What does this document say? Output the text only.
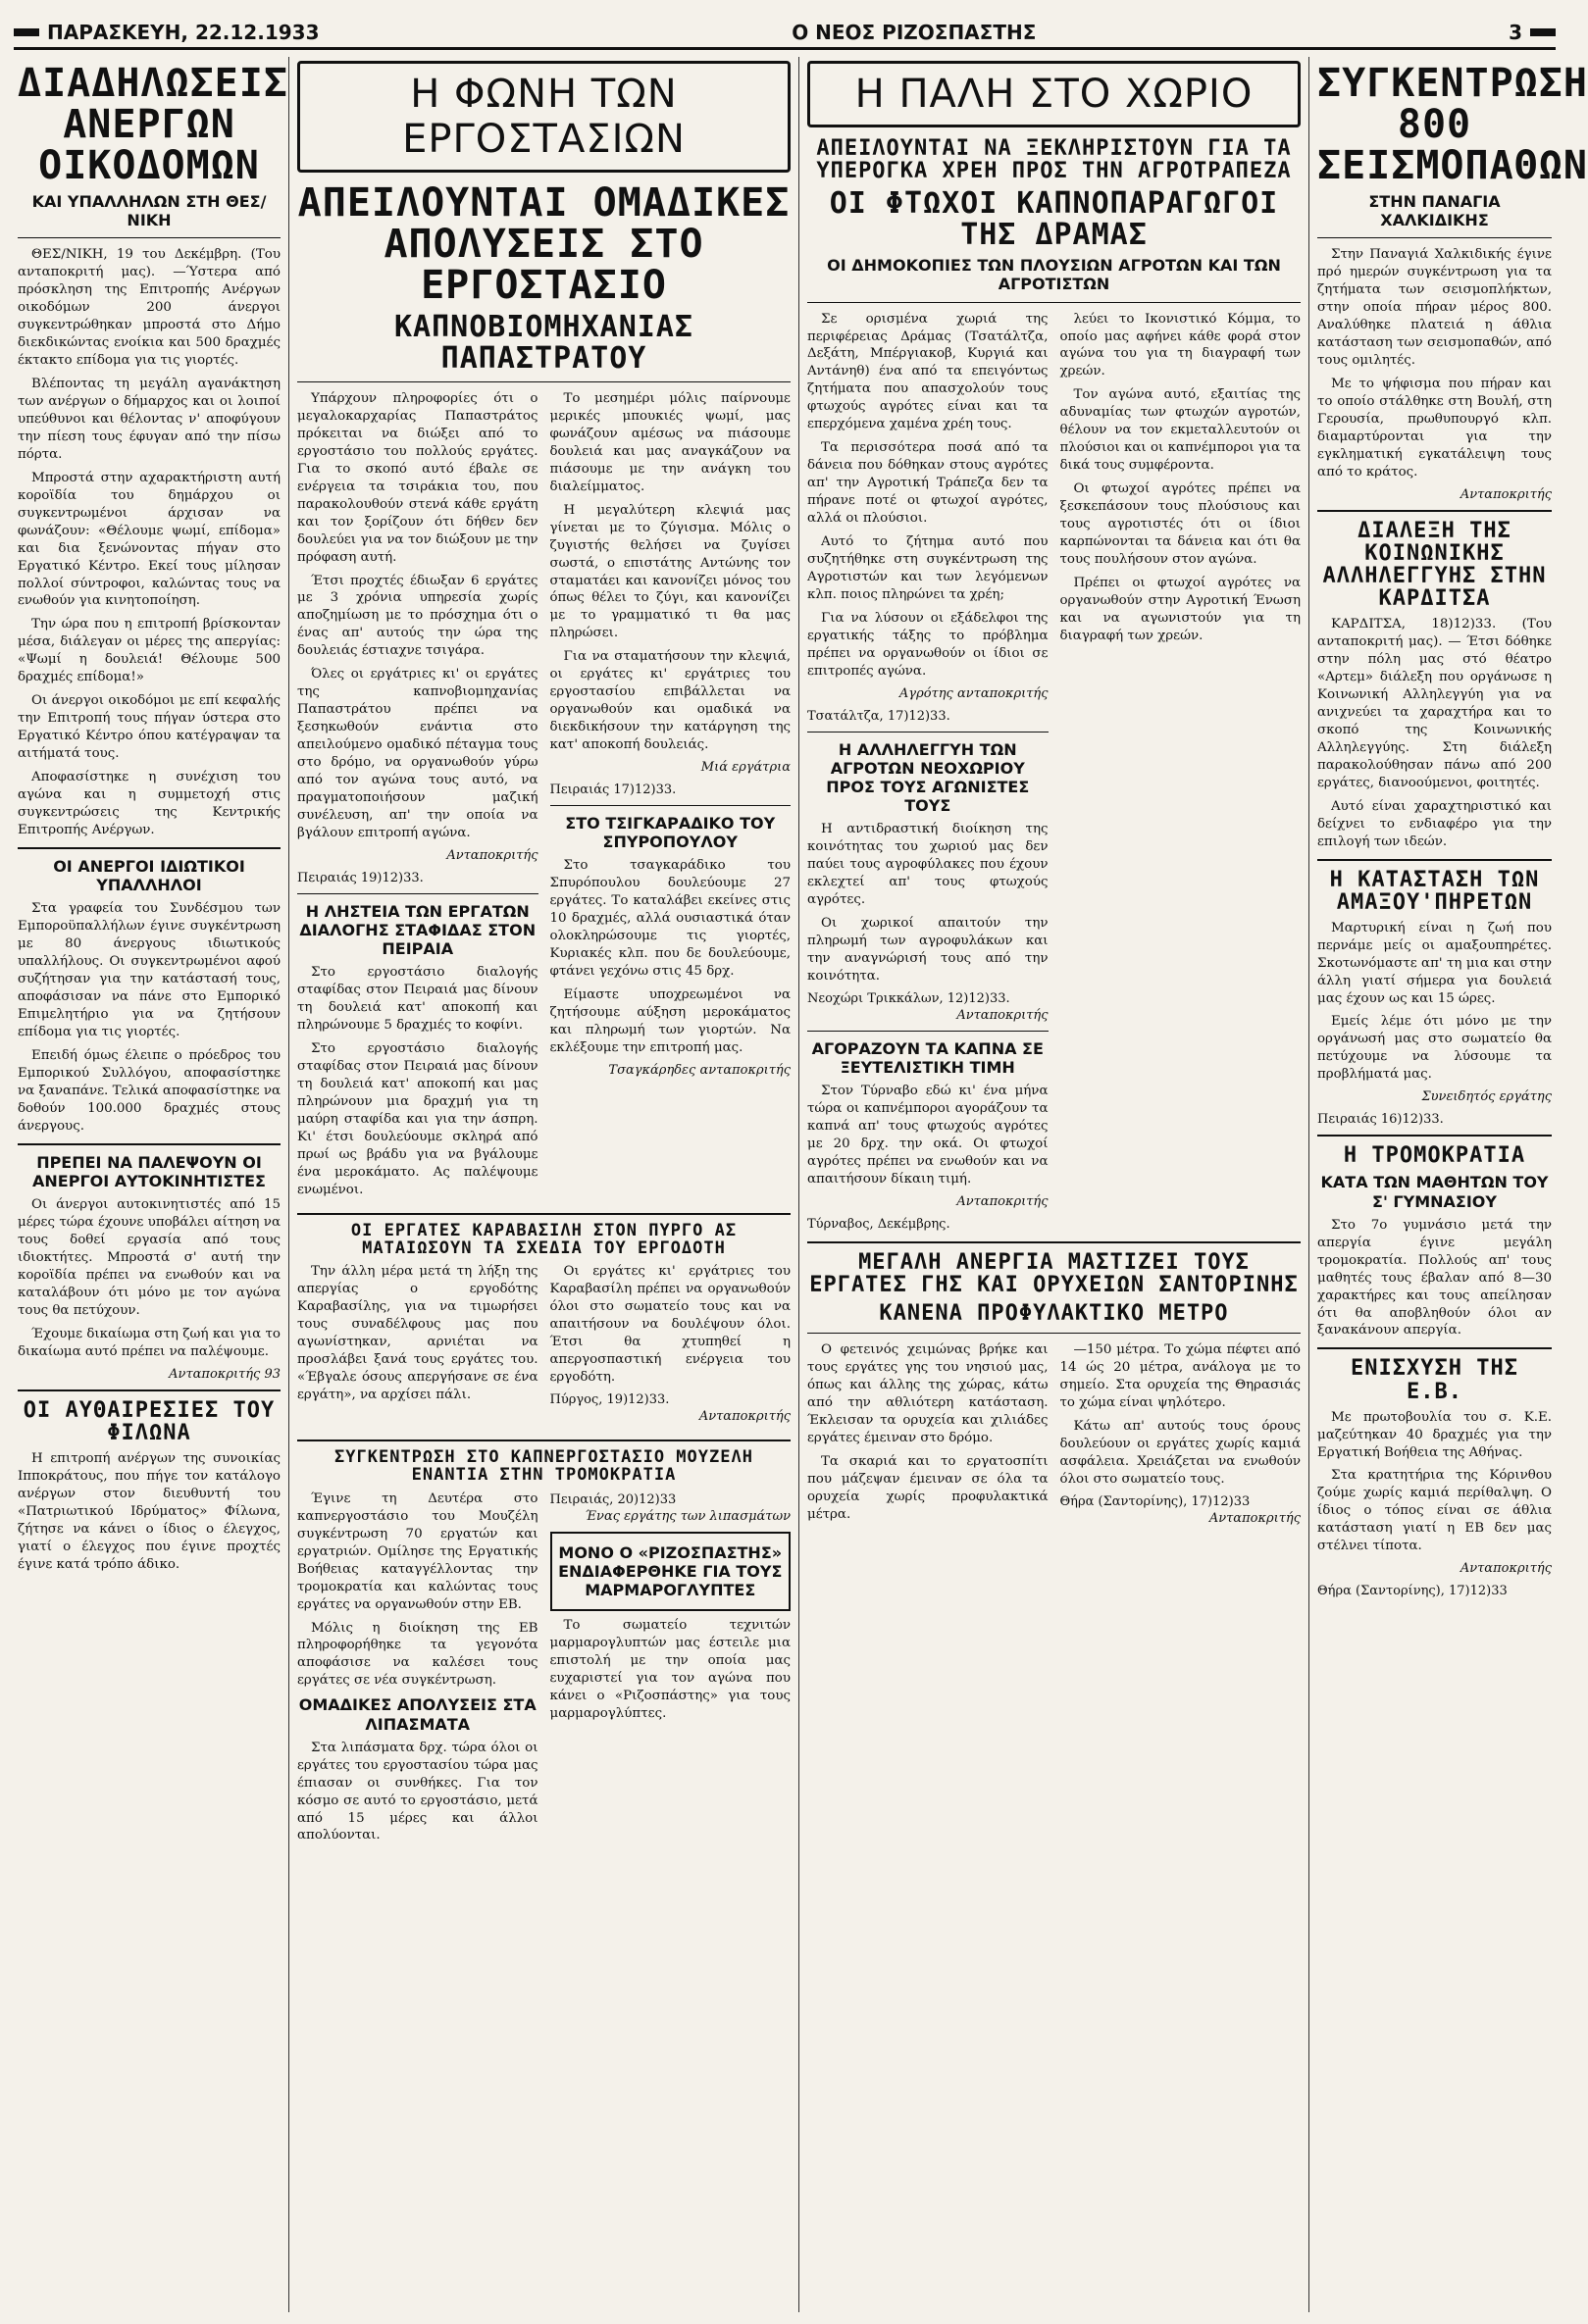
ΠΑΡΑΣΚΕΥΗ, 22.12.1933	Ο ΝΕΟΣ ΡΙΖΟΣΠΑΣΤΗΣ	3
ΔΙΑΔΗΛΩΣΕΙΣ ΑΝΕΡΓΩΝ ΟΙΚΟΔΟΜΩΝ
ΚΑΙ ΥΠΑΛΛΗΛΩΝ ΣΤΗ ΘΕΣ/ΝΙΚΗ

ΘΕΣ/ΝΙΚΗ, 19 του Δεκέμβρη. (Του ανταποκριτή μας). —Ύστερα από πρόσκληση της Επιτροπής Ανέργων οικοδόμων 200 άνεργοι συγκεντρώθηκαν μπροστά στο Δήμο διεκδικώντας ενοίκια και 500 δραχμές έκτακτο επίδομα για τις γιορτές.

Βλέποντας τη μεγάλη αγανάκτηση των ανέργων ο δήμαρχος και οι λοιποί υπεύθυνοι και θέλοντας ν' αποφύγουν την πίεση τους έφυγαν από την πίσω πόρτα.

Μπροστά στην αχαρακτήριστη αυτή κοροϊδία του δημάρχου οι συγκεντρωμένοι άρχισαν να φωνάζουν: «Θέλουμε ψωμί, επίδομα» και δια ξενώνοντας πήγαν στο Εργατικό Κέντρο. Εκεί τους μίλησαν πολλοί σύντροφοι, καλώντας τους να ενωθούν για κινητοποίηση.

Την ώρα που η επιτροπή βρίσκονταν μέσα, διάλεγαν οι μέρες της απεργίας: «Ψωμί η δουλειά! Θέλουμε 500 δραχμές επίδομα!»

Οι άνεργοι οικοδόμοι με επί κεφαλής την Επιτροπή τους πήγαν ύστερα στο Εργατικό Κέντρο όπου κατέγραψαν τα αιτήματά τους.

Αποφασίστηκε η συνέχιση του αγώνα και η συμμετοχή στις συγκεντρώσεις της Κεντρικής Επιτροπής Ανέργων.

ΟΙ ΑΝΕΡΓΟΙ ΙΔΙΩΤΙΚΟΙ ΥΠΑΛΛΗΛΟΙ

Στα γραφεία του Συνδέσμου των Εμποροϋπαλλήλων έγινε συγκέντρωση με 80 άνεργους ιδιωτικούς υπαλλήλους. Οι συγκεντρωμένοι αφού συζήτησαν για την κατάστασή τους, αποφάσισαν να πάνε στο Εμπορικό Επιμελητήριο για να ζητήσουν επίδομα για τις γιορτές.

Επειδή όμως έλειπε ο πρόεδρος του Εμπορικού Συλλόγου, αποφασίστηκε να ξαναπάνε. Τελικά αποφασίστηκε να δοθούν 100.000 δραχμές στους άνεργους.

ΠΡΕΠΕΙ ΝΑ ΠΑΛΕΨΟΥΝ ΟΙ ΑΝΕΡΓΟΙ ΑΥΤΟΚΙΝΗΤΙΣΤΕΣ

Οι άνεργοι αυτοκινητιστές από 15 μέρες τώρα έχουνε υποβάλει αίτηση να τους δοθεί εργασία από τους ιδιοκτήτες. Μπροστά σ' αυτή την κοροϊδία πρέπει να ενωθούν και να καταλάβουν ότι μόνο με τον αγώνα τους θα πετύχουν.

Έχουμε δικαίωμα στη ζωή και για το δικαίωμα αυτό πρέπει να παλέψουμε.

Ανταποκριτής 93
ΟΙ ΑΥΘΑΙΡΕΣΙΕΣ ΤΟΥ ΦΙΛΩΝΑ

Η επιτροπή ανέργων της συνοικίας Ιπποκράτους, που πήγε τον κατάλογο ανέργων στον διευθυντή του «Πατριωτικού Ιδρύματος» Φίλωνα, ζήτησε να κάνει ο ίδιος ο έλεγχος, γιατί ο έλεγχος που έγινε προχτές έγινε κατά τρόπο άδικο.

Η ΦΩΝΗ ΤΩΝ ΕΡΓΟΣΤΑΣΙΩΝ
ΑΠΕΙΛΟΥΝΤΑΙ ΟΜΑΔΙΚΕΣ ΑΠΟΛΥΣΕΙΣ ΣΤΟ ΕΡΓΟΣΤΑΣΙΟ
ΚΑΠΝΟΒΙΟΜΗΧΑΝΙΑΣ ΠΑΠΑΣΤΡΑΤΟΥ

Υπάρχουν πληροφορίες ότι ο μεγαλοκαρχαρίας Παπαστράτος πρόκειται να διώξει από το εργοστάσιο του πολλούς εργάτες. Για το σκοπό αυτό έβαλε σε ενέργεια τα τσιράκια του, που παρακολουθούν στενά κάθε εργάτη και τον ξορίζουν ότι δήθεν δεν δουλεύει για να τον διώξουν με την πρόφαση αυτή.

Έτσι προχτές έδιωξαν 6 εργάτες με 3 χρόνια υπηρεσία χωρίς αποζημίωση με το πρόσχημα ότι ο ένας απ' αυτούς την ώρα της δουλειάς έστιαχνε τσιγάρα.

Όλες οι εργάτριες κι' οι εργάτες της καπνοβιομηχανίας Παπαστράτου πρέπει να ξεσηκωθούν ενάντια στο απειλούμενο ομαδικό πέταγμα τους στο δρόμο, να οργανωθούν γύρω από τον αγώνα τους αυτό, να πραγματοποιήσουν μαζική συνέλευση, απ' την οποία να βγάλουν επιτροπή αγώνα.

Ανταποκριτής
Πειραιάς 19)12)33.
Η ΛΗΣΤΕΙΑ ΤΩΝ ΕΡΓΑΤΩΝ ΔΙΑΛΟΓΗΣ ΣΤΑΦΙΔΑΣ ΣΤΟΝ ΠΕΙΡΑΙΑ

Στο εργοστάσιο διαλογής σταφίδας στον Πειραιά μας δίνουν τη δουλειά κατ' αποκοπή και πληρώνουμε 5 δραχμές το κοφίνι.

Στο εργοστάσιο διαλογής σταφίδας στον Πειραιά μας δίνουν τη δουλειά κατ' αποκοπή και μας πληρώνουν μια δραχμή για τη μαύρη σταφίδα και για την άσπρη. Κι' έτσι δουλεύουμε σκληρά από πρωί ως βράδυ για να βγάλουμε ένα μεροκάματο. Ας παλέψουμε ενωμένοι.

Το μεσημέρι μόλις παίρνουμε μερικές μπουκιές ψωμί, μας φωνάζουν αμέσως να πιάσουμε δουλειά και μας αναγκάζουν να πιάσουμε με την ανάγκη του διαλείμματος.

Η μεγαλύτερη κλεψιά μας γίνεται με το ζύγισμα. Μόλις ο ζυγιστής θελήσει να ζυγίσει σωστά, ο επιστάτης Αντώνης τον σταματάει και κανονίζει μόνος του όπως θέλει το ζύγι, και κανονίζει με το γραμματικό τι θα μας πληρώσει.

Για να σταματήσουν την κλεψιά, οι εργάτες κι' εργάτριες του εργοστασίου επιβάλλεται να οργανωθούν και ομαδικά να διεκδικήσουν την κατάργηση της κατ' αποκοπή δουλειάς.

Μιά εργάτρια
Πειραιάς 17)12)33.
ΣΤΟ ΤΣΙΓΚΑΡΑΔΙΚΟ ΤΟΥ ΣΠΥΡΟΠΟΥΛΟΥ

Στο τσαγκαράδικο του Σπυρόπουλου δουλεύουμε 27 εργάτες. Το καταλάβει εκείνες στις 10 δραχμές, αλλά ουσιαστικά όταν ολοκληρώσουμε τις γιορτές, Κυριακές κλπ. που δε δουλεύουμε, φτάνει γεχόνω στις 45 δρχ.

Είμαστε υποχρεωμένοι να ζητήσουμε αύξηση μεροκάματος και πληρωμή των γιορτών. Να εκλέξουμε την επιτροπή μας.

Τσαγκάρηδες ανταποκριτής
ΟΙ ΕΡΓΑΤΕΣ ΚΑΡΑΒΑΣΙΛΗ ΣΤΟΝ ΠΥΡΓΟ ΑΣ ΜΑΤΑΙΩΣΟΥΝ ΤΑ ΣΧΕΔΙΑ ΤΟΥ ΕΡΓΟΔΟΤΗ

Την άλλη μέρα μετά τη λήξη της απεργίας ο εργοδότης Καραβασίλης, για να τιμωρήσει τους συναδέλφους μας που αγωνίστηκαν, αρνιέται να προσλάβει ξανά τους εργάτες του. «Έβγαλε όσους απεργήσανε σε ένα εργάτη», να αρχίσει πάλι.

Οι εργάτες κι' εργάτριες του Καραβασίλη πρέπει να οργανωθούν όλοι στο σωματείο τους και να απαιτήσουν να δουλέψουν όλοι. Έτσι θα χτυπηθεί η απεργοσπαστική ενέργεια του εργοδότη.

Πύργος, 19)12)33.
Ανταποκριτής
ΣΥΓΚΕΝΤΡΩΣΗ ΣΤΟ ΚΑΠΝΕΡΓΟΣΤΑΣΙΟ ΜΟΥΖΕΛΗ ΕΝΑΝΤΙΑ ΣΤΗΝ ΤΡΟΜΟΚΡΑΤΙΑ

Έγινε τη Δευτέρα στο καπνεργοστάσιο του Μουζέλη συγκέντρωση 70 εργατών και εργατριών. Ομίλησε της Εργατικής Βοήθειας καταγγέλλοντας την τρομοκρατία και καλώντας τους εργάτες να οργανωθούν στην ΕΒ.

Μόλις η διοίκηση της ΕΒ πληροφορήθηκε τα γεγονότα αποφάσισε να καλέσει τους εργάτες σε νέα συγκέντρωση.

ΟΜΑΔΙΚΕΣ ΑΠΟΛΥΣΕΙΣ ΣΤΑ ΛΙΠΑΣΜΑΤΑ

Στα λιπάσματα δρχ. τώρα όλοι οι εργάτες του εργοστασίου τώρα μας έπιασαν οι συνθήκες. Για τον κόσμο σε αυτό το εργοστάσιο, μετά από 15 μέρες και άλλοι απολύονται.

Πειραιάς, 20)12)33
Ένας εργάτης των λιπασμάτων
ΜΟΝΟ Ο «ΡΙΖΟΣΠΑΣΤΗΣ» ΕΝΔΙΑΦΕΡΘΗΚΕ ΓΙΑ ΤΟΥΣ ΜΑΡΜΑΡΟΓΛΥΠΤΕΣ

Το σωματείο τεχνιτών μαρμαρογλυπτών μας έστειλε μια επιστολή με την οποία μας ευχαριστεί για τον αγώνα που κάνει ο «Ριζοσπάστης» για τους μαρμαρογλύπτες.

Η ΠΑΛΗ ΣΤΟ ΧΩΡΙΟ
ΑΠΕΙΛΟΥΝΤΑΙ ΝΑ ΞΕΚΛΗΡΙΣΤΟΥΝ ΓΙΑ ΤΑ ΥΠΕΡΟΓΚΑ ΧΡΕΗ ΠΡΟΣ ΤΗΝ ΑΓΡΟΤΡΑΠΕΖΑ
ΟΙ ΦΤΩΧΟΙ ΚΑΠΝΟΠΑΡΑΓΩΓΟΙ ΤΗΣ ΔΡΑΜΑΣ
ΟΙ ΔΗΜΟΚΟΠΙΕΣ ΤΩΝ ΠΛΟΥΣΙΩΝ ΑΓΡΟΤΩΝ ΚΑΙ ΤΩΝ ΑΓΡΟΤΙΣΤΩΝ

Σε ορισμένα χωριά της περιφέρειας Δράμας (Τσατάλτζα, Δεξάτη, Μπέργιακοβ, Κυργιά και Αντάνηθ) ένα από τα επειγόντως ζητήματα που απασχολούν τους φτωχούς αγρότες είναι και τα επερχόμενα χαμένα χρέη τους.

Τα περισσότερα ποσά από τα δάνεια που δόθηκαν στους αγρότες απ' την Αγροτική Τράπεζα δεν τα πήρανε ποτέ οι φτωχοί αγρότες, αλλά οι πλούσιοι.

Αυτό το ζήτημα αυτό που συζητήθηκε στη συγκέντρωση της Αγροτιστών και των λεγόμενων κλπ. ποιος πληρώνει τα χρέη;

Για να λύσουν οι εξάδελφοι της εργατικής τάξης το πρόβλημα πρέπει να οργανωθούν οι ίδιοι σε επιτροπές αγώνα.

Αγρότης ανταποκριτής
Τσατάλτζα, 17)12)33.
Η ΑΛΛΗΛΕΓΓΥΗ ΤΩΝ ΑΓΡΟΤΩΝ ΝΕΟΧΩΡΙΟΥ ΠΡΟΣ ΤΟΥΣ ΑΓΩΝΙΣΤΕΣ ΤΟΥΣ

Η αντιδραστική διοίκηση της κοινότητας του χωριού μας δεν παύει τους αγροφύλακες που έχουν εκλεχτεί απ' τους φτωχούς αγρότες.

Οι χωρικοί απαιτούν την πληρωμή των αγροφυλάκων και την αναγνώρισή τους από την κοινότητα.

Νεοχώρι Τρικκάλων, 12)12)33.
Ανταποκριτής
ΑΓΟΡΑΖΟΥΝ ΤΑ ΚΑΠΝΑ ΣΕ ΞΕΥΤΕΛΙΣΤΙΚΗ ΤΙΜΗ

Στον Τύρναβο εδώ κι' ένα μήνα τώρα οι καπνέμποροι αγοράζουν τα καπνά απ' τους φτωχούς αγρότες με 20 δρχ. την οκά. Οι φτωχοί αγρότες πρέπει να ενωθούν και να απαιτήσουν δίκαιη τιμή.

Ανταποκριτής
Τύρναβος, Δεκέμβρης.

λεύει το Ικονιστικό Κόμμα, το οποίο μας αφήνει κάθε φορά στον αγώνα του για τη διαγραφή των χρεών.

Τον αγώνα αυτό, εξαιτίας της αδυναμίας των φτωχών αγροτών, θέλουν να τον εκμεταλλευτούν οι πλούσιοι και οι καπνέμποροι για τα δικά τους συμφέροντα.

Οι φτωχοί αγρότες πρέπει να ξεσκεπάσουν τους πλούσιους και τους αγροτιστές ότι οι ίδιοι καρπώνονται τα δάνεια και ότι θα τους πουλήσουν στον αγώνα.

Πρέπει οι φτωχοί αγρότες να οργανωθούν στην Αγροτική Ένωση και να αγωνιστούν για τη διαγραφή των χρεών.

ΜΕΓΑΛΗ ΑΝΕΡΓΙΑ ΜΑΣΤΙΖΕΙ ΤΟΥΣ ΕΡΓΑΤΕΣ ΓΗΣ ΚΑΙ ΟΡΥΧΕΙΩΝ ΣΑΝΤΟΡΙΝΗΣ
ΚΑΝΕΝΑ ΠΡΟΦΥΛΑΚΤΙΚΟ ΜΕΤΡΟ

Ο φετεινός χειμώνας βρήκε και τους εργάτες γης του νησιού μας, όπως και άλλης της χώρας, κάτω από την αθλιότερη κατάσταση. Έκλεισαν τα ορυχεία και χιλιάδες εργάτες έμειναν στο δρόμο.

Τα σκαριά και το εργατοσπίτι που μάζεψαν έμειναν σε όλα τα ορυχεία χωρίς προφυλακτικά μέτρα.

—150 μέτρα. Το χώμα πέφτει από 14 ώς 20 μέτρα, ανάλογα με το σημείο. Στα ορυχεία της Θηρασιάς το χώμα είναι ψηλότερο.

Κάτω απ' αυτούς τους όρους δουλεύουν οι εργάτες χωρίς καμιά ασφάλεια. Χρειάζεται να ενωθούν όλοι στο σωματείο τους.

Θήρα (Σαντορίνης), 17)12)33
Ανταποκριτής
ΣΥΓΚΕΝΤΡΩΣΗ 800 ΣΕΙΣΜΟΠΑΘΩΝ
ΣΤΗΝ ΠΑΝΑΓΙΑ ΧΑΛΚΙΔΙΚΗΣ

Στην Παναγιά Χαλκιδικής έγινε πρό ημερών συγκέντρωση για τα ζητήματα των σεισμοπλήκτων, στην οποία πήραν μέρος 800. Αναλύθηκε πλατειά η άθλια κατάσταση των σεισμοπαθών, από τους ομιλητές.

Με το ψήφισμα που πήραν και το οποίο στάλθηκε στη Βουλή, στη Γερουσία, πρωθυπουργό κλπ. διαμαρτύρονται για την εγκληματική εγκατάλειψη τους από το κράτος.

Ανταποκριτής
ΔΙΑΛΕΞΗ ΤΗΣ ΚΟΙΝΩΝΙΚΗΣ ΑΛΛΗΛΕΓΓΥΗΣ ΣΤΗΝ ΚΑΡΔΙΤΣΑ

ΚΑΡΔΙΤΣΑ, 18)12)33. (Του ανταποκριτή μας). — Έτσι δόθηκε στην πόλη μας στό θέατρο «Αρτεμ» διάλεξη που οργάνωσε η Κοινωνική Αλληλεγγύη για να ανιχνεύει τα χαραχτήρα και το σκοπό της Κοινωνικής Αλληλεγγύης. Στη διάλεξη παρακολούθησαν πάνω από 200 εργάτες, διανοούμενοι, φοιτητές.

Αυτό είναι χαραχτηριστικό και δείχνει το ενδιαφέρο για την επιλογή των ιδεών.

Η ΚΑΤΑΣΤΑΣΗ ΤΩΝ ΑΜΑΞΟΥ'ΠΗΡΕΤΩΝ

Μαρτυρική είναι η ζωή που περνάμε μείς οι αμαξουπηρέτες. Σκοτωνόμαστε απ' τη μια και στην άλλη γιατί σήμερα για δουλειά μας έχουν ως και 15 ώρες.

Εμείς λέμε ότι μόνο με την οργάνωσή μας στο σωματείο θα πετύχουμε να λύσουμε τα προβλήματά μας.

Συνειδητός εργάτης
Πειραιάς 16)12)33.
Η ΤΡΟΜΟΚΡΑΤΙΑ
ΚΑΤΑ ΤΩΝ ΜΑΘΗΤΩΝ ΤΟΥ Σ' ΓΥΜΝΑΣΙΟΥ

Στο 7ο γυμνάσιο μετά την απεργία έγινε μεγάλη τρομοκρατία. Πολλούς απ' τους μαθητές τους έβαλαν από 8—30 χαρακτήρες και τους απείλησαν ότι θα αποβληθούν όλοι αν ξανακάνουν απεργία.

ΕΝΙΣΧΥΣΗ ΤΗΣ Ε.Β.

Με πρωτοβουλία του σ. Κ.Ε. μαζεύτηκαν 40 δραχμές για την Εργατική Βοήθεια της Αθήνας.

Στα κρατητήρια της Κόρινθου ζούμε χωρίς καμιά περίθαλψη. Ο ίδιος ο τόπος είναι σε άθλια κατάσταση γιατί η ΕΒ δεν μας στέλνει τίποτα.

Ανταποκριτής
Θήρα (Σαντορίνης), 17)12)33
